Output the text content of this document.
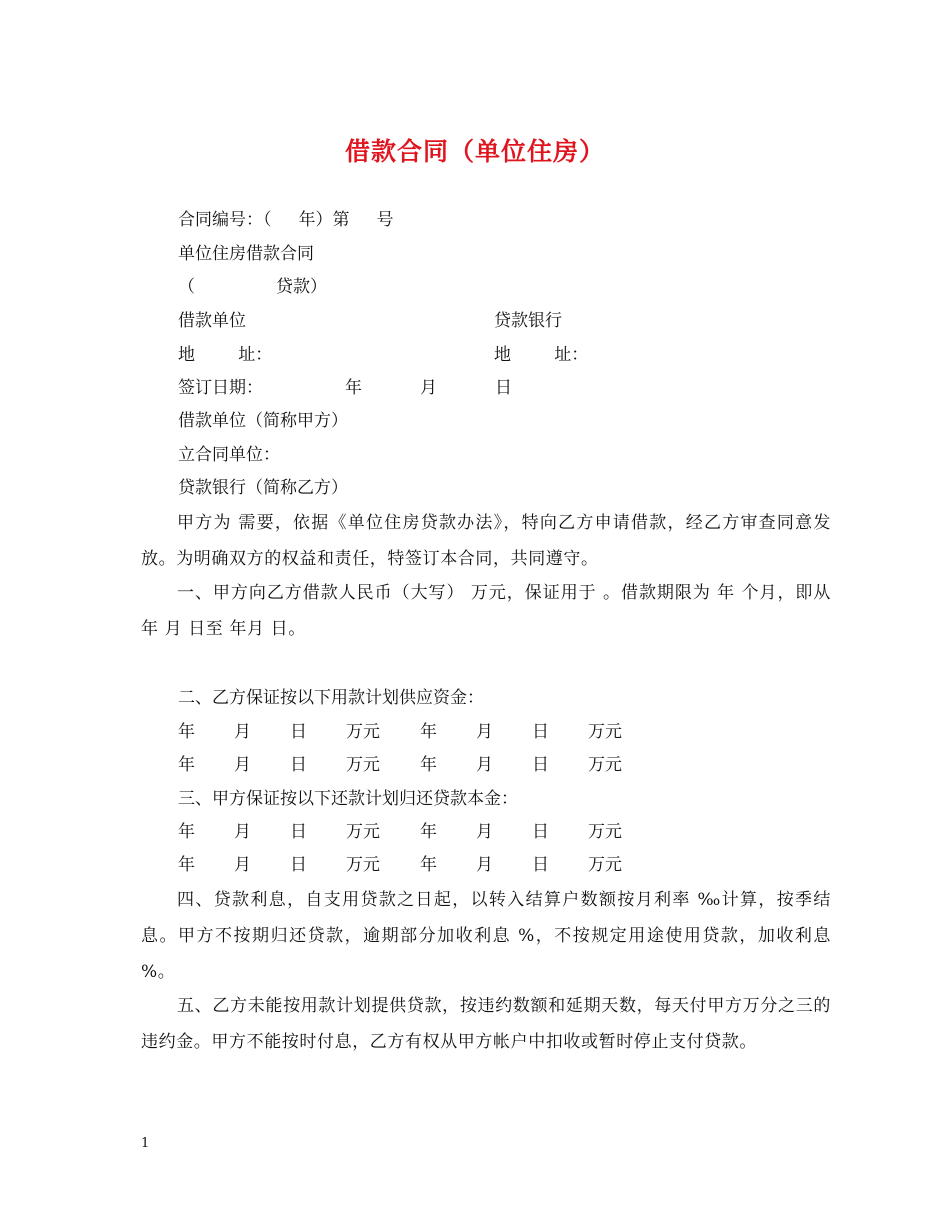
借款合同（单位住房）
合同编号：（     年）第     号
单位住房借款合同
（               贷款）
借款单位	贷款银行
地        址：	地        址：
签订日期：	年	月	日
借款单位（简称甲方）
立合同单位：
贷款银行（简称乙方）
甲方为 需要，依据《单位住房贷款办法》，特向乙方申请借款，经乙方审查同意发放。为明确双方的权益和责任，特签订本合同，共同遵守。
一、甲方向乙方借款人民币（大写） 万元，保证用于 。借款期限为 年 个月，即从 年 月 日至 年月 日。
二、乙方保证按以下用款计划供应资金：
年 月 日 万元 年 月 日 万元
年 月 日 万元 年 月 日 万元
三、甲方保证按以下还款计划归还贷款本金：
年 月 日 万元 年 月 日 万元
年 月 日 万元 年 月 日 万元
四、贷款利息，自支用贷款之日起，以转入结算户数额按月利率 ‰计算，按季结息。甲方不按期归还贷款，逾期部分加收利息 %，不按规定用途使用贷款，加收利息 %。
五、乙方未能按用款计划提供贷款，按违约数额和延期天数，每天付甲方万分之三的违约金。甲方不能按时付息，乙方有权从甲方帐户中扣收或暂时停止支付贷款。
1
